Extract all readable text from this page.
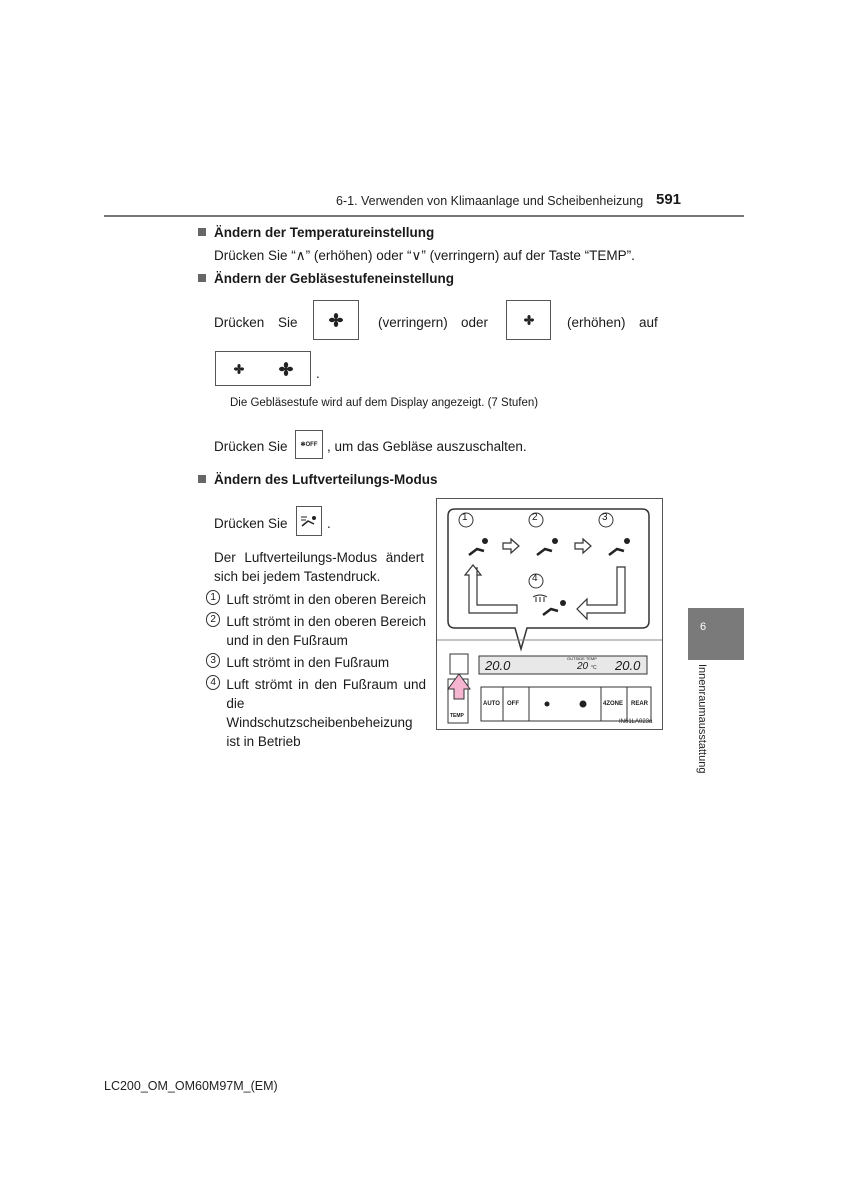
6-1. Verwenden von Klimaanlage und Scheibenheizung 591
Ändern der Temperatureinstellung
Drücken Sie “∧” (erhöhen) oder “∨” (verringern) auf der Taste “TEMP”.
Ändern der Gebläsestufeneinstellung
Drücken Sie	(verringern) oder	(erhöhen) auf
.
Die Gebläsestufe wird auf dem Display angezeigt. (7 Stufen)
Drücken Sie ✻ OFF , um das Gebläse auszuschalten.
Ändern des Luftverteilungs-Modus
Drücken Sie	.
Der Luftverteilungs-Modus ändert sich bei jedem Tastendruck.
1 Luft strömt in den oberen Bereich
2 Luft strömt in den oberen Bereich und in den Fußraum
3 Luft strömt in den Fußraum
4 Luft strömt in den Fußraum und die Windschutzscheibenbeheizung ist in Betrieb
1	2	3
4
20.0	OUTSIDE TEMP
20 °C 20.0
AUTO OFF	4ZONE REAR
TEMP
IN61LA023a
6
Innenraumausstattung
LC200_OM_OM60M97M_(EM)
